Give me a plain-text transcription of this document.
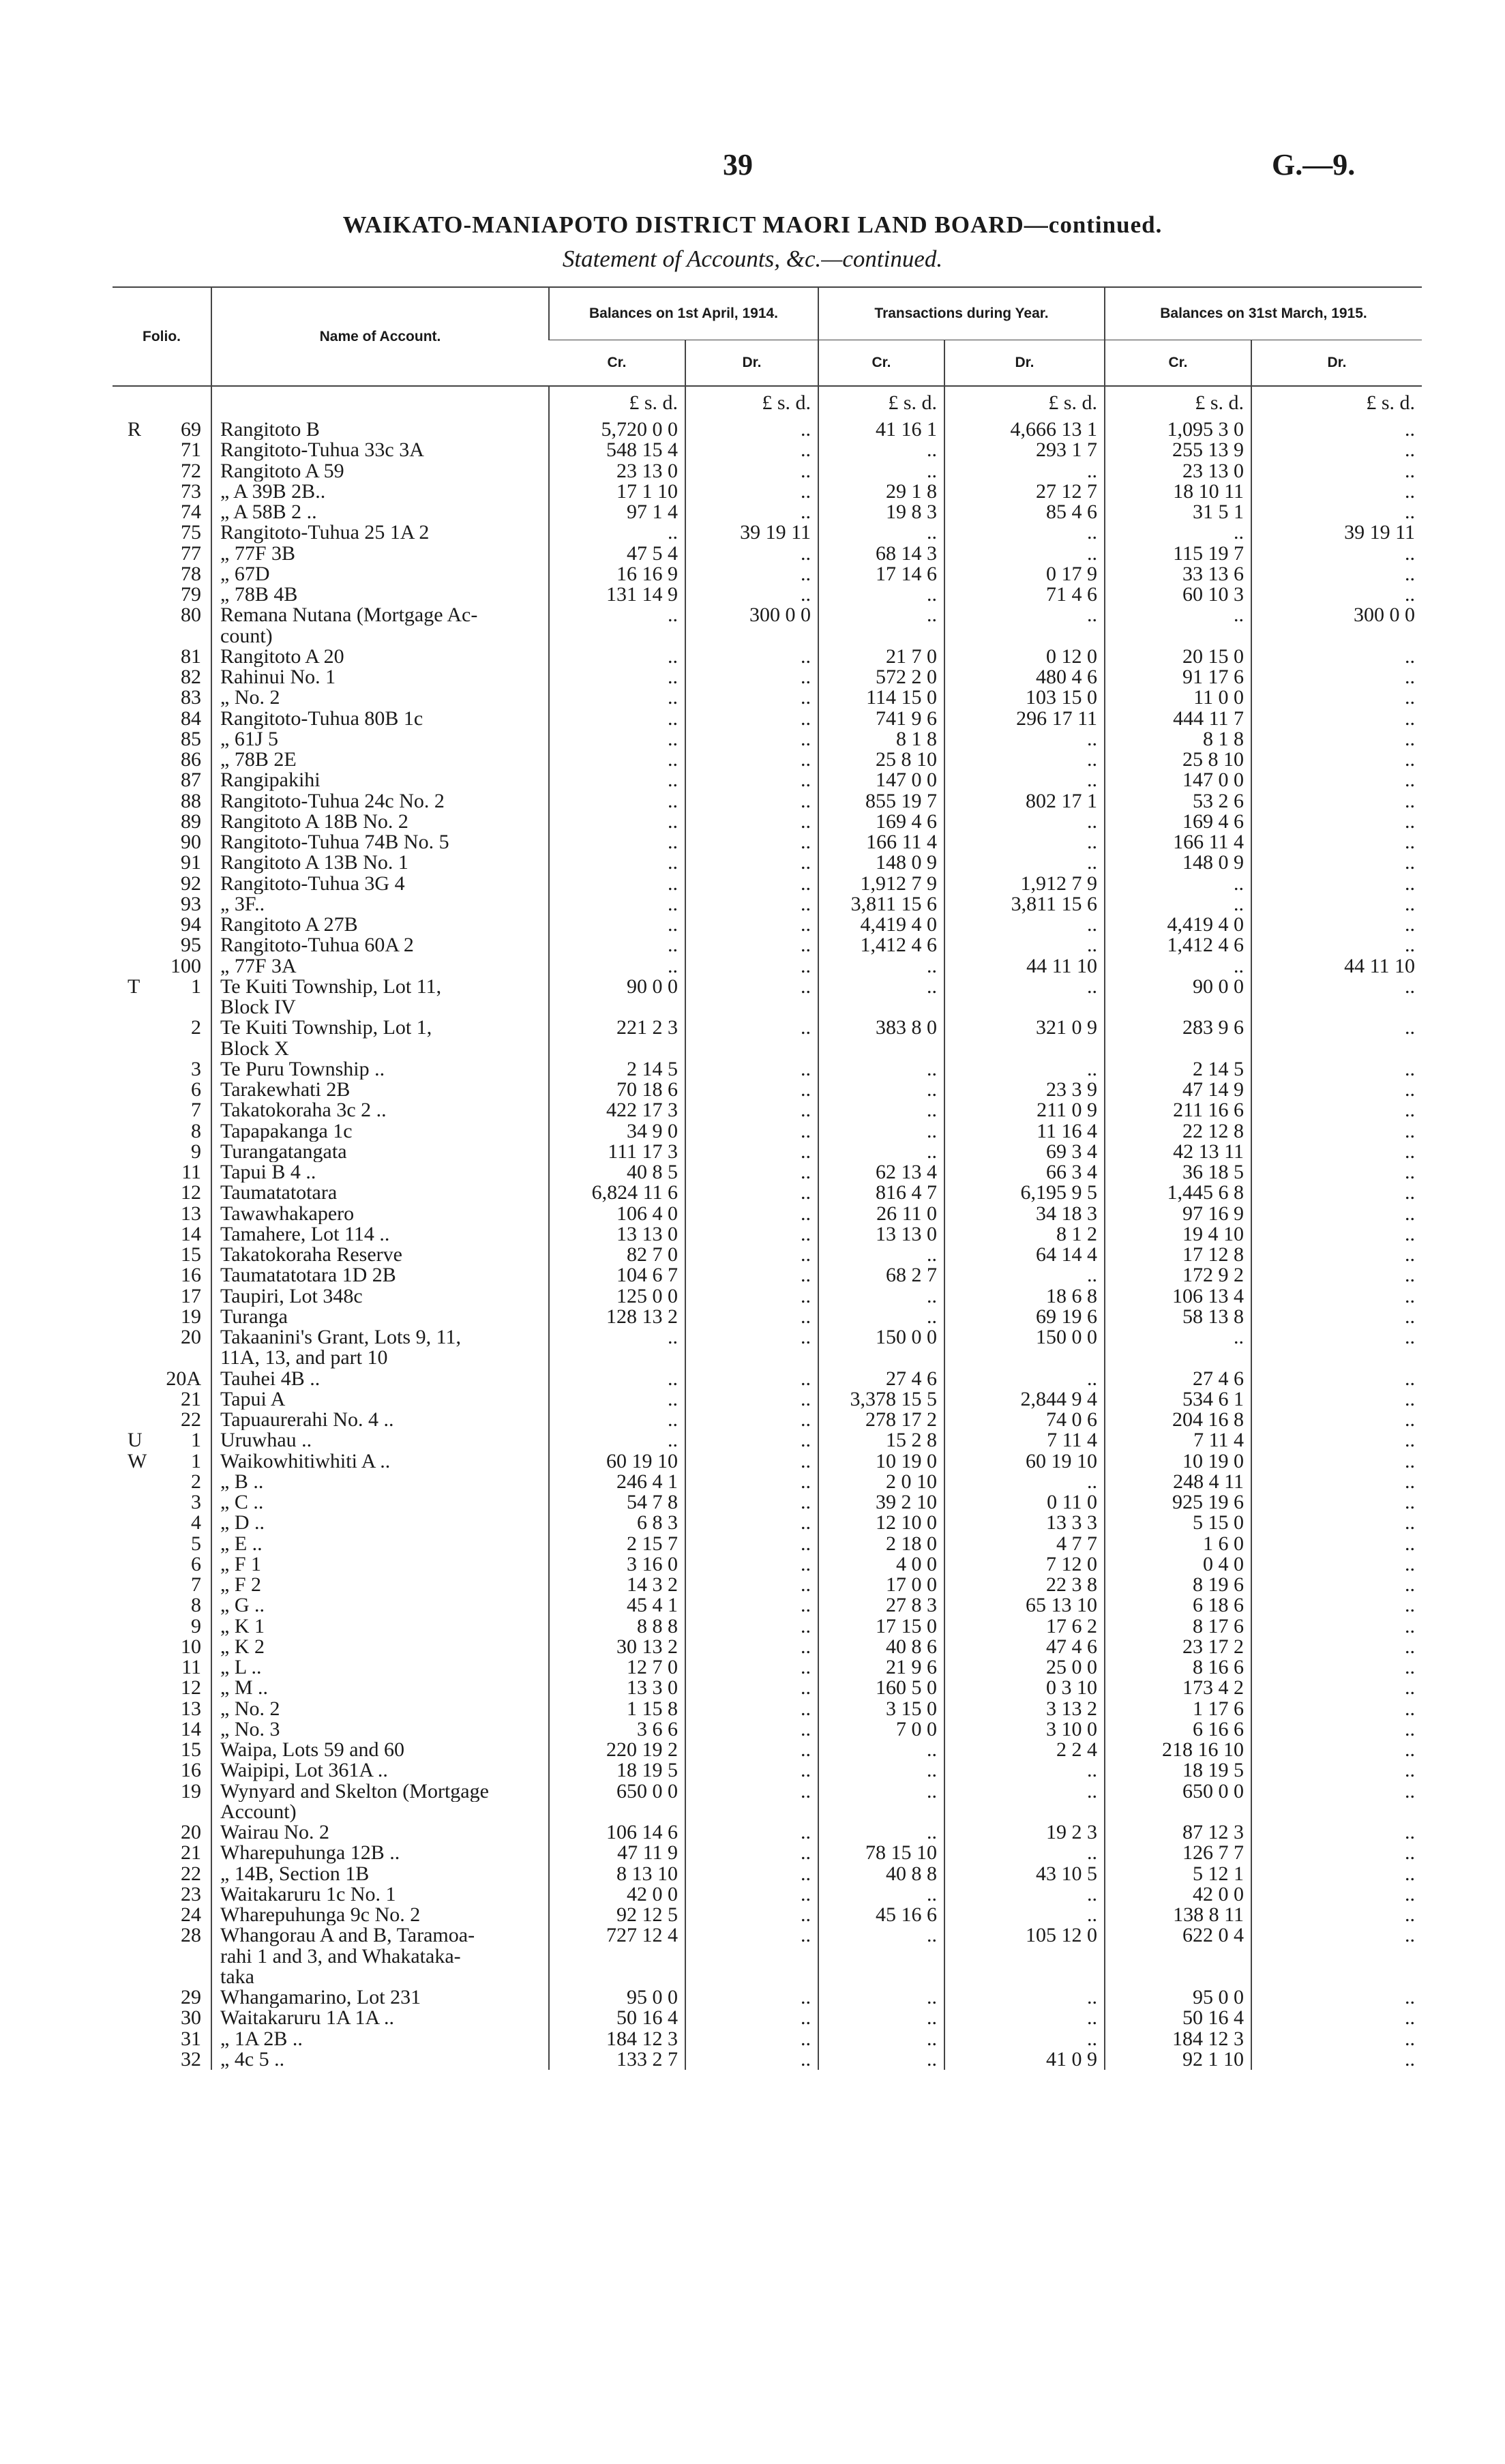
39	G.—9.
WAIKATO-MANIAPOTO DISTRICT MAORI LAND BOARD—continued.
Statement of Accounts, &c.—continued.
Folio.	Name of Account.	Balances on 1st April, 1914.		Transactions during Year.		Balances on 31st March, 1915.	
		Cr.	Dr.	Cr.	Dr.	Cr.	Dr.
		£ s. d.	£ s. d.	£ s. d.	£ s. d.	£ s. d.	£ s. d.

R 69	Rangitoto B	5,720 0 0	..	41 16 1	4,666 13 1	1,095 3 0	..

71	Rangitoto-Tuhua 33c 3A	548 15 4	..	..	293 1 7	255 13 9	..

72	Rangitoto A 59	23 13 0	..	..	..	23 13 0	..

73	„ A 39B 2B..	17 1 10	..	29 1 8	27 12 7	18 10 11	..

74	„ A 58B 2 ..	97 1 4	..	19 8 3	85 4 6	31 5 1	..

75	Rangitoto-Tuhua 25 1A 2	..	39 19 11	..	..	..	39 19 11

77	„ 77F 3B	47 5 4	..	68 14 3	..	115 19 7	..

78	„ 67D	16 16 9	..	17 14 6	0 17 9	33 13 6	..

79	„ 78B 4B	131 14 9	..	..	71 4 6	60 10 3	..

80	Remana Nutana (Mortgage Ac-	..	300 0 0	..	..	..	300 0 0

	count)						

81	Rangitoto A 20	..	..	21 7 0	0 12 0	20 15 0	..

82	Rahinui No. 1	..	..	572 2 0	480 4 6	91 17 6	..

83	„ No. 2	..	..	114 15 0	103 15 0	11 0 0	..

84	Rangitoto-Tuhua 80B 1c	..	..	741 9 6	296 17 11	444 11 7	..

85	„ 61J 5	..	..	8 1 8	..	8 1 8	..

86	„ 78B 2E	..	..	25 8 10	..	25 8 10	..

87	Rangipakihi	..	..	147 0 0	..	147 0 0	..

88	Rangitoto-Tuhua 24c No. 2	..	..	855 19 7	802 17 1	53 2 6	..

89	Rangitoto A 18B No. 2	..	..	169 4 6	..	169 4 6	..

90	Rangitoto-Tuhua 74B No. 5	..	..	166 11 4	..	166 11 4	..

91	Rangitoto A 13B No. 1	..	..	148 0 9	..	148 0 9	..

92	Rangitoto-Tuhua 3G 4	..	..	1,912 7 9	1,912 7 9	..	..

93	„ 3F..	..	..	3,811 15 6	3,811 15 6	..	..

94	Rangitoto A 27B	..	..	4,419 4 0	..	4,419 4 0	..

95	Rangitoto-Tuhua 60A 2	..	..	1,412 4 6	..	1,412 4 6	..

100	„ 77F 3A	..	..	..	44 11 10	..	44 11 10

T 1	Te Kuiti Township, Lot 11,	90 0 0	..	..	..	90 0 0	..

	Block IV						

2	Te Kuiti Township, Lot 1,	221 2 3	..	383 8 0	321 0 9	283 9 6	..

	Block X						

3	Te Puru Township ..	2 14 5	..	..	..	2 14 5	..

6	Tarakewhati 2B	70 18 6	..	..	23 3 9	47 14 9	..

7	Takatokoraha 3c 2 ..	422 17 3	..	..	211 0 9	211 16 6	..

8	Tapapakanga 1c	34 9 0	..	..	11 16 4	22 12 8	..

9	Turangatangata	111 17 3	..	..	69 3 4	42 13 11	..

11	Tapui B 4 ..	40 8 5	..	62 13 4	66 3 4	36 18 5	..

12	Taumatatotara	6,824 11 6	..	816 4 7	6,195 9 5	1,445 6 8	..

13	Tawawhakapero	106 4 0	..	26 11 0	34 18 3	97 16 9	..

14	Tamahere, Lot 114 ..	13 13 0	..	13 13 0	8 1 2	19 4 10	..

15	Takatokoraha Reserve	82 7 0	..	..	64 14 4	17 12 8	..

16	Taumatatotara 1D 2B	104 6 7	..	68 2 7	..	172 9 2	..

17	Taupiri, Lot 348c	125 0 0	..	..	18 6 8	106 13 4	..

19	Turanga	128 13 2	..	..	69 19 6	58 13 8	..

20	Takaanini's Grant, Lots 9, 11,	..	..	150 0 0	150 0 0	..	..

	11A, 13, and part 10						

20A	Tauhei 4B ..	..	..	27 4 6	..	27 4 6	..

21	Tapui A	..	..	3,378 15 5	2,844 9 4	534 6 1	..

22	Tapuaurerahi No. 4 ..	..	..	278 17 2	74 0 6	204 16 8	..

U 1	Uruwhau ..	..	..	15 2 8	7 11 4	7 11 4	..

W 1	Waikowhitiwhiti A ..	60 19 10	..	10 19 0	60 19 10	10 19 0	..

2	„ B ..	246 4 1	..	2 0 10	..	248 4 11	..

3	„ C ..	54 7 8	..	39 2 10	0 11 0	925 19 6	..

4	„ D ..	6 8 3	..	12 10 0	13 3 3	5 15 0	..

5	„ E ..	2 15 7	..	2 18 0	4 7 7	1 6 0	..

6	„ F 1	3 16 0	..	4 0 0	7 12 0	0 4 0	..

7	„ F 2	14 3 2	..	17 0 0	22 3 8	8 19 6	..

8	„ G ..	45 4 1	..	27 8 3	65 13 10	6 18 6	..

9	„ K 1	8 8 8	..	17 15 0	17 6 2	8 17 6	..

10	„ K 2	30 13 2	..	40 8 6	47 4 6	23 17 2	..

11	„ L ..	12 7 0	..	21 9 6	25 0 0	8 16 6	..

12	„ M ..	13 3 0	..	160 5 0	0 3 10	173 4 2	..

13	„ No. 2	1 15 8	..	3 15 0	3 13 2	1 17 6	..

14	„ No. 3	3 6 6	..	7 0 0	3 10 0	6 16 6	..

15	Waipa, Lots 59 and 60	220 19 2	..	..	2 2 4	218 16 10	..

16	Waipipi, Lot 361A ..	18 19 5	..	..	..	18 19 5	..

19	Wynyard and Skelton (Mortgage	650 0 0	..	..	..	650 0 0	..

	Account)						

20	Wairau No. 2	106 14 6	..	..	19 2 3	87 12 3	..

21	Wharepuhunga 12B ..	47 11 9	..	78 15 10	..	126 7 7	..

22	„ 14B, Section 1B	8 13 10	..	40 8 8	43 10 5	5 12 1	..

23	Waitakaruru 1c No. 1	42 0 0	..	..	..	42 0 0	..

24	Wharepuhunga 9c No. 2	92 12 5	..	45 16 6	..	138 8 11	..

28	Whangorau A and B, Taramoa-	727 12 4	..	..	105 12 0	622 0 4	..

	rahi 1 and 3, and Whakataka-						

	taka						

29	Whangamarino, Lot 231	95 0 0	..	..	..	95 0 0	..

30	Waitakaruru 1A 1A ..	50 16 4	..	..	..	50 16 4	..

31	„ 1A 2B ..	184 12 3	..	..	..	184 12 3	..

32	„ 4c 5 ..	133 2 7	..	..	41 0 9	92 1 10	..
